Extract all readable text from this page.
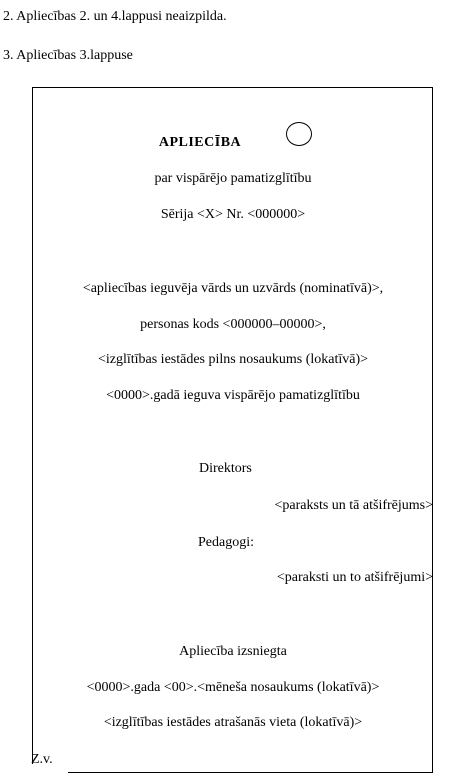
2. Apliecības 2. un 4.lappusi neaizpilda.
3. Apliecības 3.lappuse
APLIECĪBA
par vispārējo pamatizglītību
Sērija <X> Nr. <000000>
<apliecības ieguvēja vārds un uzvārds (nominatīvā)>,
personas kods <000000–00000>,
<izglītības iestādes pilns nosaukums (lokatīvā)>
<0000>.gadā ieguva vispārējo pamatizglītību
Direktors
<paraksts un tā atšifrējums>
Pedagogi:
<paraksti un to atšifrējumi>
Apliecība izsniegta
<0000>.gada <00>.<mēneša nosaukums (lokatīvā)>
<izglītības iestādes atrašanās vieta (lokatīvā)>
Z.v.
